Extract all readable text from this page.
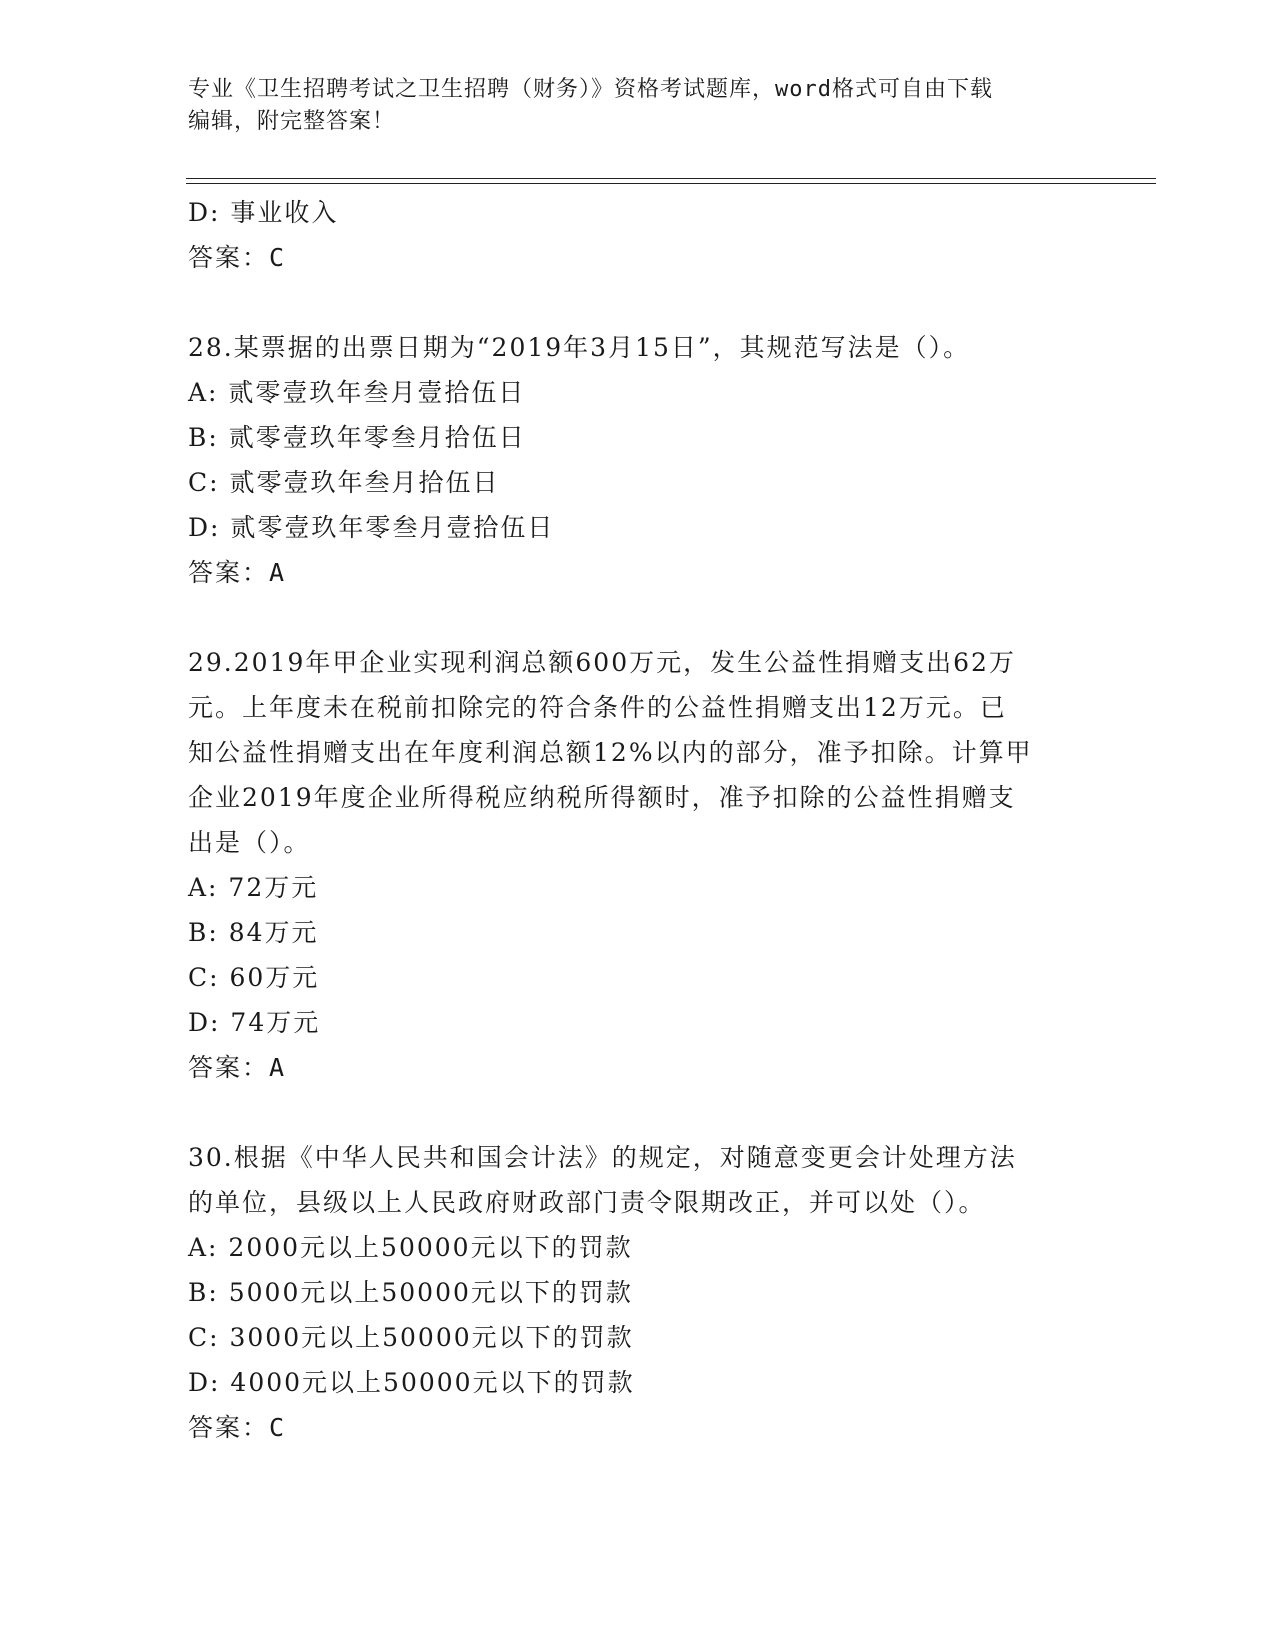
专业《卫生招聘考试之卫生招聘（财务）》资格考试题库，word格式可自由下载
编辑，附完整答案！
D: 事业收入
答案：C
28.某票据的出票日期为“2019年3月15日”，其规范写法是（）。
A: 贰零壹玖年叁月壹拾伍日
B: 贰零壹玖年零叁月拾伍日
C: 贰零壹玖年叁月拾伍日
D: 贰零壹玖年零叁月壹拾伍日
答案：A
29.2019年甲企业实现利润总额600万元，发生公益性捐赠支出62万
元。上年度未在税前扣除完的符合条件的公益性捐赠支出12万元。已
知公益性捐赠支出在年度利润总额12%以内的部分，准予扣除。计算甲
企业2019年度企业所得税应纳税所得额时，准予扣除的公益性捐赠支
出是（）。
A: 72万元
B: 84万元
C: 60万元
D: 74万元
答案：A
30.根据《中华人民共和国会计法》的规定，对随意变更会计处理方法
的单位，县级以上人民政府财政部门责令限期改正，并可以处（）。
A: 2000元以上50000元以下的罚款
B: 5000元以上50000元以下的罚款
C: 3000元以上50000元以下的罚款
D: 4000元以上50000元以下的罚款
答案：C
